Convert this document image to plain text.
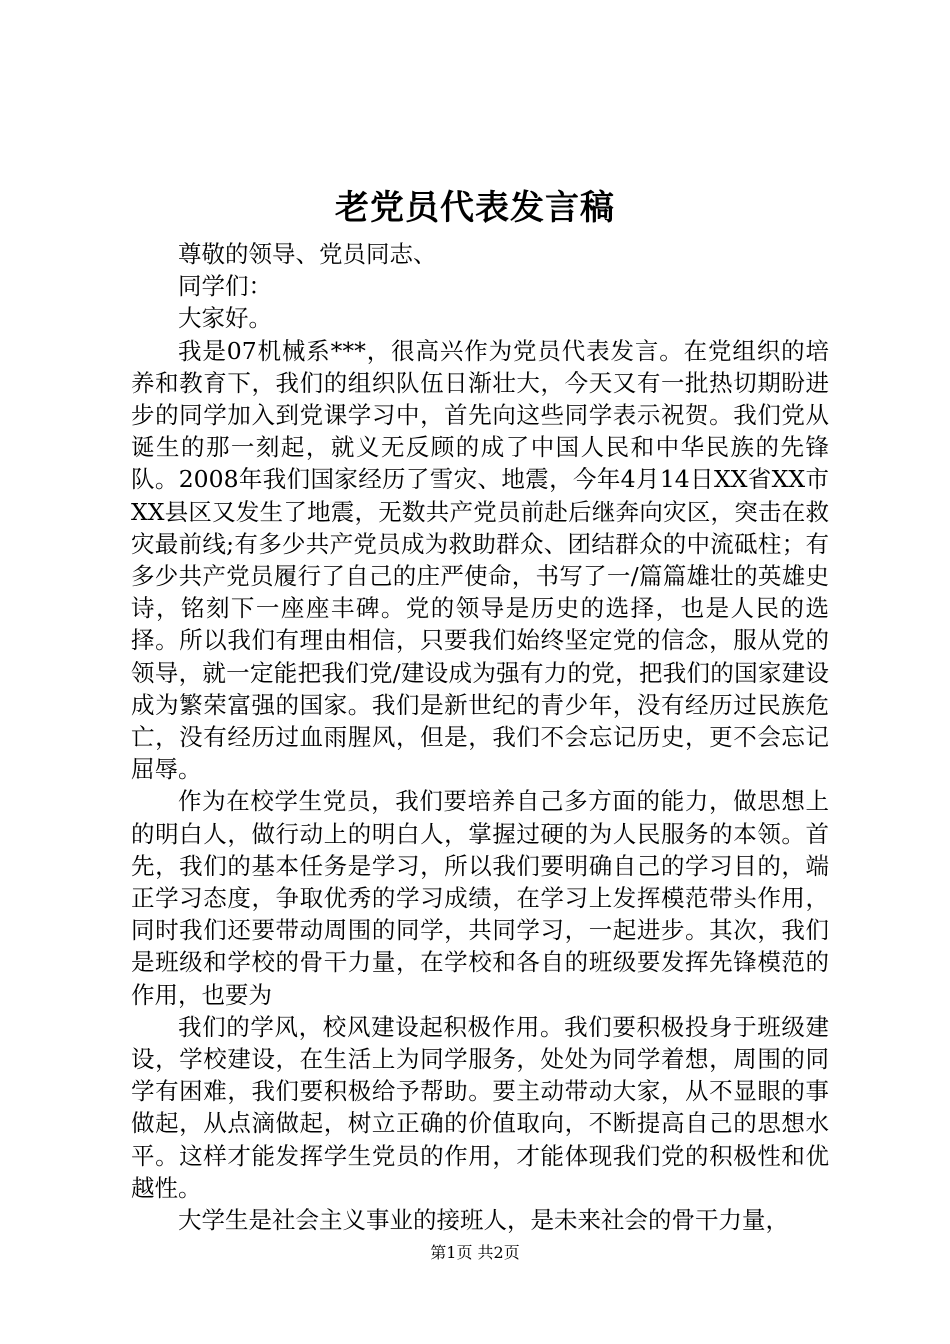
老党员代表发言稿

尊敬的领导、党员同志、

同学们：

大家好。

我是07机械系***，很高兴作为党员代表发言。在党组织的培养和教育下，我们的组织队伍日渐壮大，今天又有一批热切期盼进步的同学加入到党课学习中，首先向这些同学表示祝贺。我们党从诞生的那一刻起，就义无反顾的成了中国人民和中华民族的先锋队。2008年我们国家经历了雪灾、地震，今年4月14日XX省XX市XX县区又发生了地震，无数共产党员前赴后继奔向灾区，突击在救灾最前线;有多少共产党员成为救助群众、团结群众的中流砥柱；有多少共产党员履行了自己的庄严使命，书写了一/篇篇雄壮的英雄史诗，铭刻下一座座丰碑。党的领导是历史的选择，也是人民的选择。所以我们有理由相信，只要我们始终坚定党的信念，服从党的领导，就一定能把我们党/建设成为强有力的党，把我们的国家建设成为繁荣富强的国家。我们是新世纪的青少年，没有经历过民族危亡，没有经历过血雨腥风，但是，我们不会忘记历史，更不会忘记屈辱。

作为在校学生党员，我们要培养自己多方面的能力，做思想上的明白人，做行动上的明白人，掌握过硬的为人民服务的本领。首先，我们的基本任务是学习，所以我们要明确自己的学习目的，端正学习态度，争取优秀的学习成绩，在学习上发挥模范带头作用，同时我们还要带动周围的同学，共同学习，一起进步。其次，我们是班级和学校的骨干力量，在学校和各自的班级要发挥先锋模范的作用，也要为

我们的学风，校风建设起积极作用。我们要积极投身于班级建设，学校建设，在生活上为同学服务，处处为同学着想，周围的同学有困难，我们要积极给予帮助。要主动带动大家，从不显眼的事做起，从点滴做起，树立正确的价值取向，不断提高自己的思想水平。这样才能发挥学生党员的作用，才能体现我们党的积极性和优越性。

大学生是社会主义事业的接班人，是未来社会的骨干力量，

第1页 共2页
